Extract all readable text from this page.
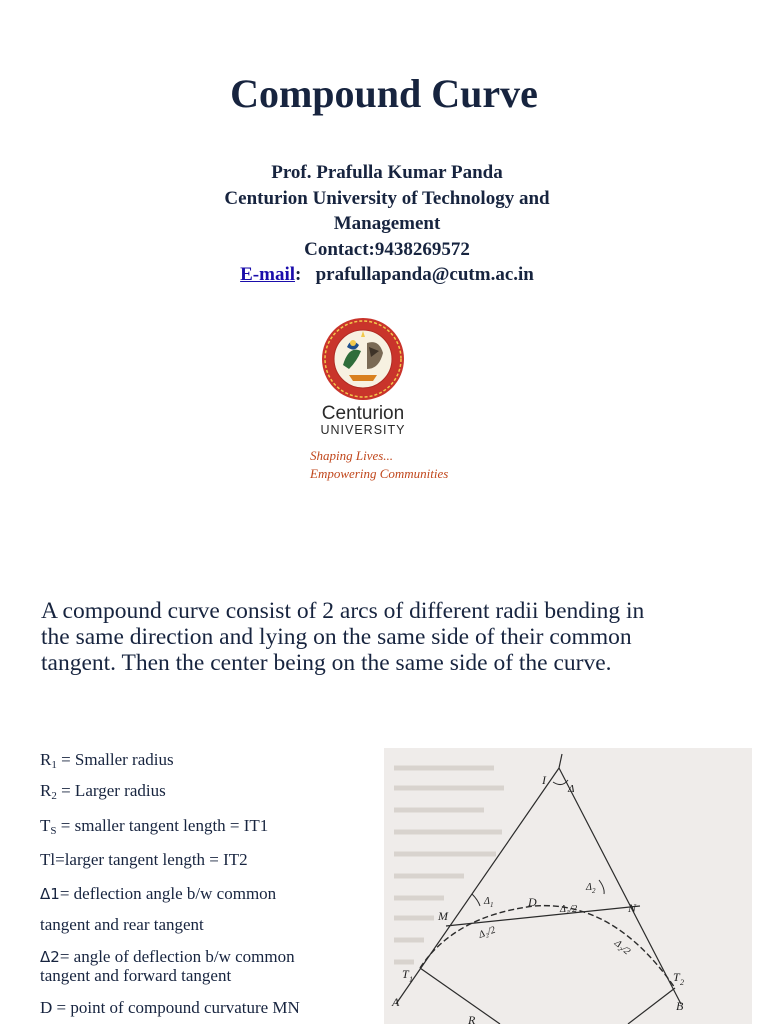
Compound Curve
Prof. Prafulla Kumar Panda
Centurion University of Technology and
Management
Contact:9438269572
E-mail:   prafullapanda@cutm.ac.in
Centurion
UNIVERSITY
Shaping Lives...
Empowering Communities
A compound curve consist of 2 arcs of different radii bending in
the same direction and lying on the same side of their common
tangent. Then the center being on the same side of the curve.
$R_1$ = Smaller radius
$R_2$ = Larger radius
$T_S$ = smaller tangent length = IT1
Tl=larger tangent length = IT2
Δ1= deflection angle b/w common
tangent and rear tangent
Δ2= angle of deflection b/w common
tangent and forward tangent
D = point of compound curvature MN
I
Δ
M
N
D
Δ 1
Δ 2
Δ₁/2
Δ₂/2
Δ₂/2
T 1	T 2
A	B
R
